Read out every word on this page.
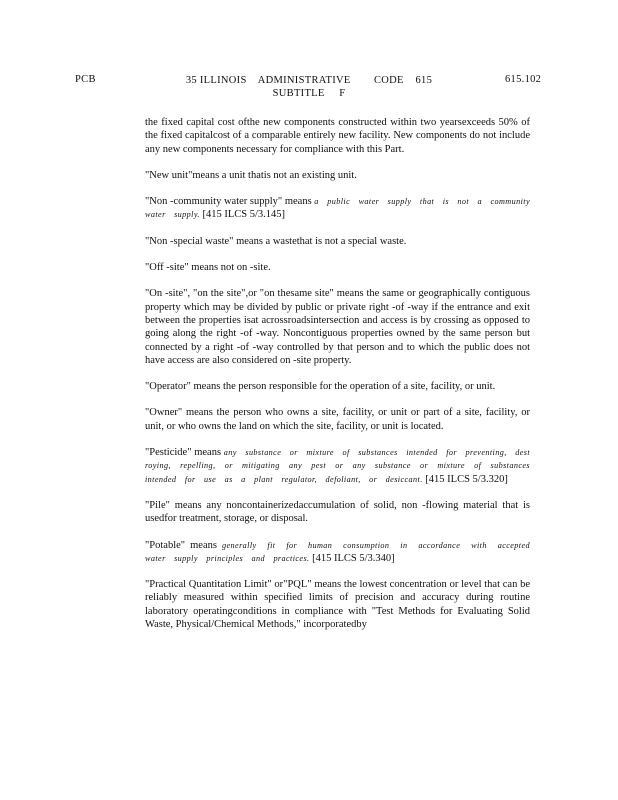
PCB	35 ILLINOIS    ADMINISTRATIVE        CODE    615
SUBTITLE     F
615.102

the fixed capital cost ofthe new components constructed within two yearsexceeds 50% of the fixed capitalcost of a comparable entirely new facility. New components do not include any new components necessary for compliance with this Part.

"New unit"means a unit thatis not an existing unit.

"Non -community water supply" means a public water supply that is not a community water supply. [415 ILCS 5/3.145]

"Non -special waste" means a wastethat is not a special waste.

"Off -site" means not on -site.

"On -site", "on the site",or "on thesame site" means the same or geographically contiguous property which may be divided by public or private right -of -way if the entrance and exit between the properties isat acrossroadsintersection and access is by crossing as opposed to going along the right -of -way. Noncontiguous properties owned by the same person but connected by a right -of -way controlled by that person and to which the public does not have access are also considered on -site property.

"Operator" means the person responsible for the operation of a site, facility, or unit.

"Owner" means the person who owns a site, facility, or unit or part of a site, facility, or unit, or who owns the land on which the site, facility, or unit is located.

"Pesticide" means any substance or mixture of substances intended for preventing, dest roying, repelling, or mitigating any pest or any substance or mixture of substances intended for use as a plant regulator, defoliant, or desiccant. [415 ILCS 5/3.320]

"Pile" means any noncontainerizedaccumulation of solid, non -flowing material that is usedfor treatment, storage, or disposal.

"Potable" means generally fit for human consumption in accordance with accepted water supply principles and practices. [415 ILCS 5/3.340]

"Practical Quantitation Limit" or"PQL" means the lowest concentration or level that can be reliably measured within specified limits of precision and accuracy during routine laboratory operatingconditions in compliance with "Test Methods for Evaluating Solid Waste, Physical/Chemical Methods," incorporatedby
